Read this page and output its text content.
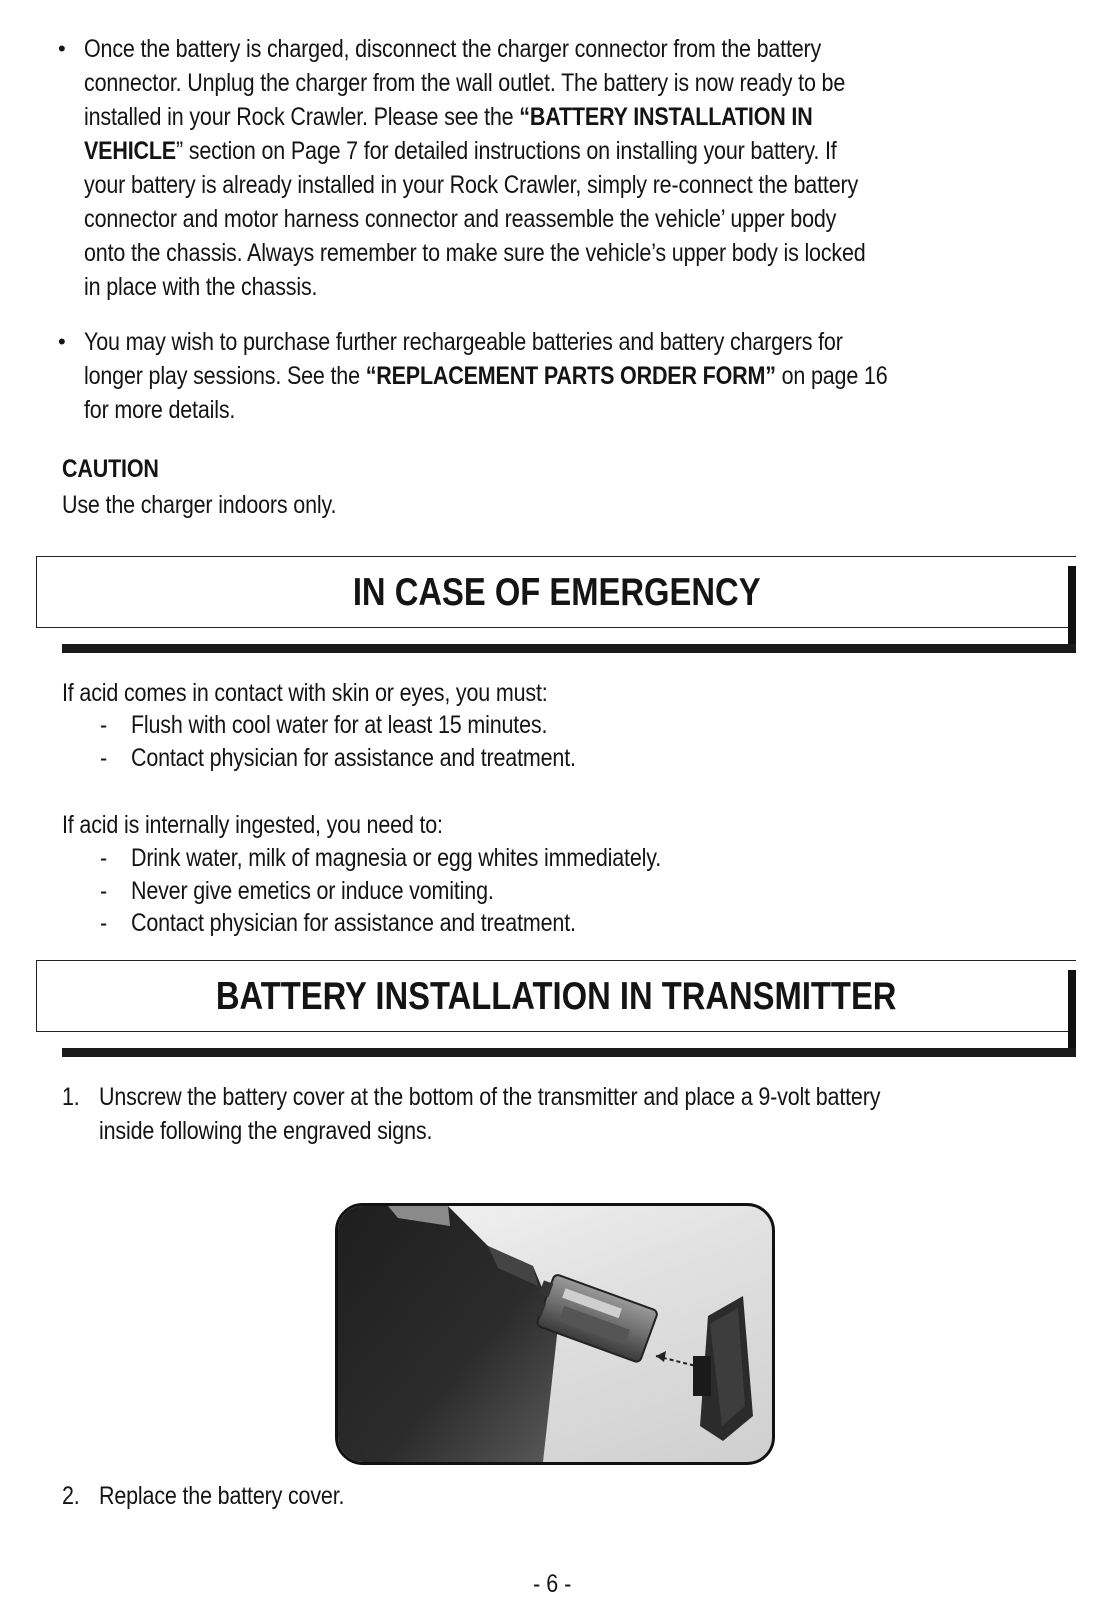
• Once the battery is charged, disconnect the charger connector from the battery
connector. Unplug the charger from the wall outlet. The battery is now ready to be
installed in your Rock Crawler. Please see the “BATTERY INSTALLATION IN
VEHICLE” section on Page 7 for detailed instructions on installing your battery. If
your battery is already installed in your Rock Crawler, simply re-connect the battery
connector and motor harness connector and reassemble the vehicle’ upper body
onto the chassis. Always remember to make sure the vehicle’s upper body is locked
in place with the chassis.
• You may wish to purchase further rechargeable batteries and battery chargers for
longer play sessions. See the “REPLACEMENT PARTS ORDER FORM” on page 16
for more details.
CAUTION
Use the charger indoors only.
IN CASE OF EMERGENCY
If acid comes in contact with skin or eyes, you must:
- Flush with cool water for at least 15 minutes.
- Contact physician for assistance and treatment.
If acid is internally ingested, you need to:
- Drink water, milk of magnesia or egg whites immediately.
- Never give emetics or induce vomiting.
- Contact physician for assistance and treatment.
BATTERY INSTALLATION IN TRANSMITTER
1. Unscrew the battery cover at the bottom of the transmitter and place a 9-volt battery
inside following the engraved signs.
2. Replace the battery cover.
- 6 -
